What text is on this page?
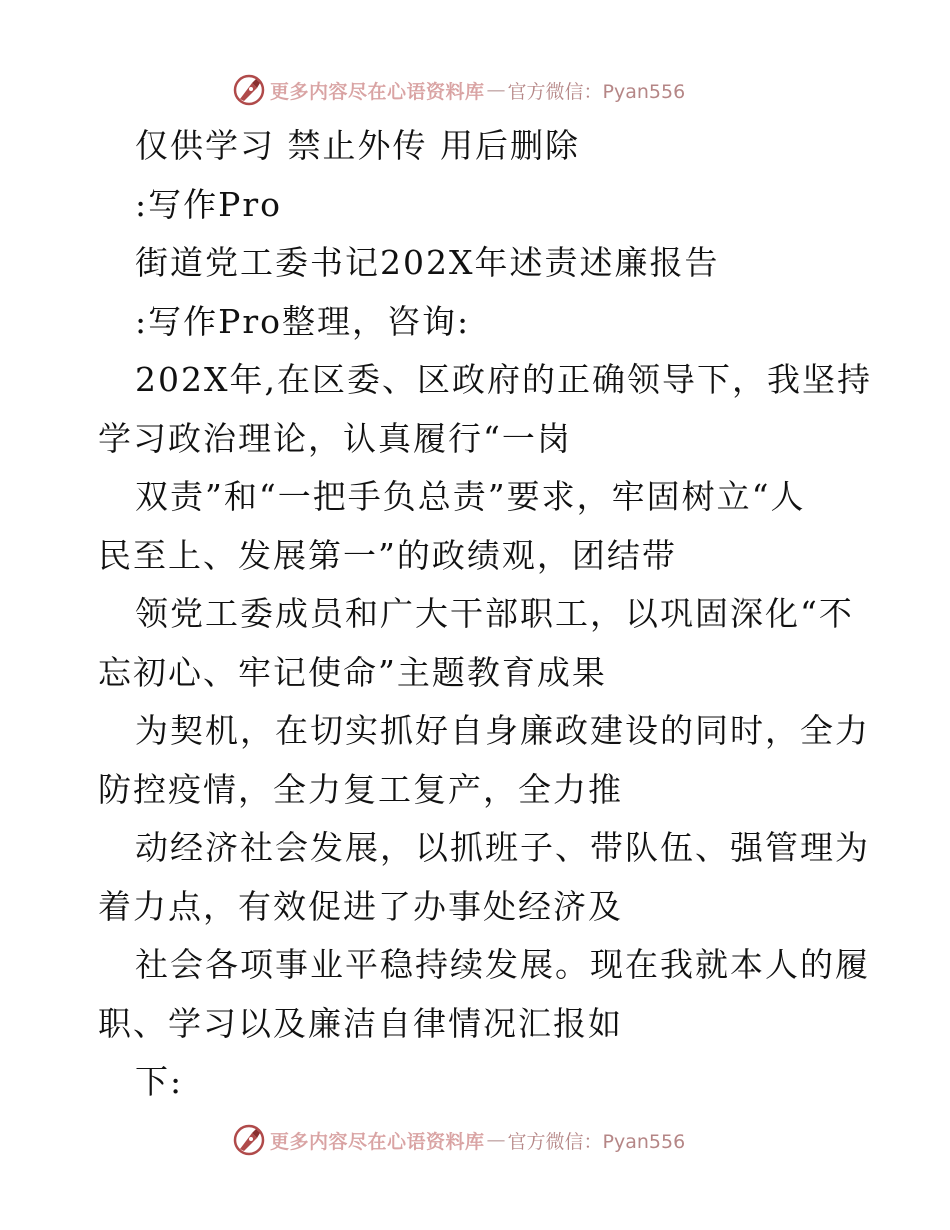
更多内容尽在心语资料库 — 官方微信：Pyan556
仅供学习 禁止外传 用后删除
:写作Pro
街道党工委书记202X年述责述廉报告
:写作Pro整理，咨询:
202X年,在区委、区政府的正确领导下，我坚持
学习政治理论，认真履行“一岗
双责”和“一把手负总责”要求，牢固树立“人
民至上、发展第一”的政绩观，团结带
领党工委成员和广大干部职工，以巩固深化“不
忘初心、牢记使命”主题教育成果
为契机，在切实抓好自身廉政建设的同时，全力
防控疫情，全力复工复产，全力推
动经济社会发展，以抓班子、带队伍、强管理为
着力点，有效促进了办事处经济及
社会各项事业平稳持续发展。现在我就本人的履
职、学习以及廉洁自律情况汇报如
下:
更多内容尽在心语资料库 — 官方微信：Pyan556
